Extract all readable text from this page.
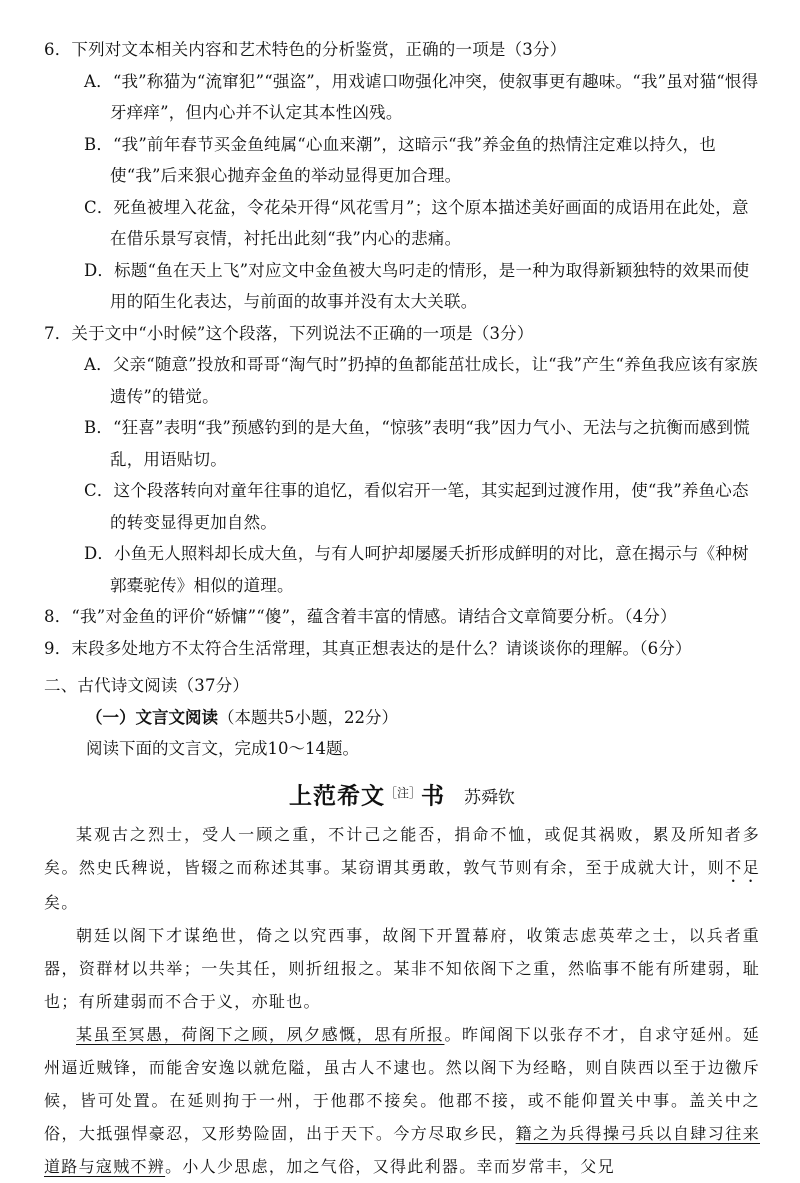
6．下列对文本相关内容和艺术特色的分析鉴赏，正确的一项是（3分）

A．“我”称猫为“流窜犯”“强盗”，用戏谑口吻强化冲突，使叙事更有趣味。“我”虽对猫“恨得牙痒痒”，但内心并不认定其本性凶残。

B．“我”前年春节买金鱼纯属“心血来潮”，这暗示“我”养金鱼的热情注定难以持久，也使“我”后来狠心抛弃金鱼的举动显得更加合理。

C．死鱼被埋入花盆，令花朵开得“风花雪月”；这个原本描述美好画面的成语用在此处，意在借乐景写哀情，衬托出此刻“我”内心的悲痛。

D．标题“鱼在天上飞”对应文中金鱼被大鸟叼走的情形，是一种为取得新颖独特的效果而使用的陌生化表达，与前面的故事并没有太大关联。

7．关于文中“小时候”这个段落，下列说法不正确的一项是（3分）

A．父亲“随意”投放和哥哥“淘气时”扔掉的鱼都能茁壮成长，让“我”产生“养鱼我应该有家族遗传”的错觉。

B．“狂喜”表明“我”预感钓到的是大鱼，“惊骇”表明“我”因力气小、无法与之抗衡而感到慌乱，用语贴切。

C．这个段落转向对童年往事的追忆，看似宕开一笔，其实起到过渡作用，使“我”养鱼心态的转变显得更加自然。

D．小鱼无人照料却长成大鱼，与有人呵护却屡屡夭折形成鲜明的对比，意在揭示与《种树郭橐驼传》相似的道理。

8．“我”对金鱼的评价“娇慵”“傻”，蕴含着丰富的情感。请结合文章简要分析。（4分）

9．末段多处地方不太符合生活常理，其真正想表达的是什么？请谈谈你的理解。（6分）

二、古代诗文阅读（37分）

（一）文言文阅读（本题共5小题，22分）

阅读下面的文言文，完成10～14题。

上范希文$^{[注]}$书 苏舜钦

某观古之烈士，受人一顾之重，不计己之能否，捐命不恤，或促其祸败，累及所知者多矣。然史氏稗说，皆辍之而称述其事。某窃谓其勇敢，敦气节则有余，至于成就大计，则不足矣。

朝廷以阁下才谋绝世，倚之以究西事，故阁下开置幕府，收策志虑英荦之士，以兵者重器，资群材以共举；一失其任，则折纽报之。某非不知依阁下之重，然临事不能有所建弱，耻也；有所建弱而不合于义，亦耻也。

某虽至冥愚，荷阁下之顾，夙夕感慨，思有所报。昨闻阁下以张存不才，自求守延州。延州逼近贼锋，而能舍安逸以就危隘，虽古人不逮也。然以阁下为经略，则自陕西以至于边徼斥候，皆可处置。在延则拘于一州，于他郡不接矣。他郡不接，或不能仰置关中事。盖关中之俗，大抵强悍豪忍，又形势险固，出于天下。今方尽取乡民，籍之为兵得操弓兵以自肆习往来道路与寇贼不辨。小人少思虑，加之气俗，又得此利器。幸而岁常丰，父兄
